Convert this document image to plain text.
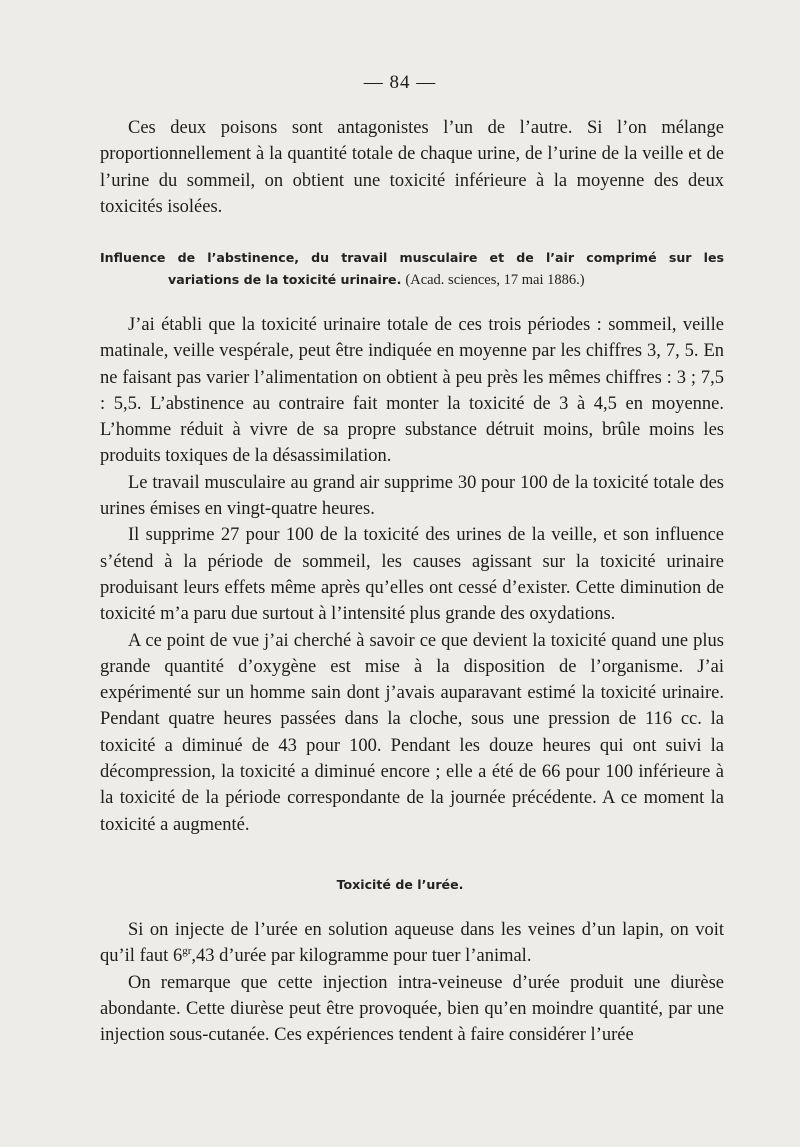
— 84 —

Ces deux poisons sont antagonistes l’un de l’autre. Si l’on mélange proportionnellement à la quantité totale de chaque urine, de l’urine de la veille et de l’urine du sommeil, on obtient une toxicité inférieure à la moyenne des deux toxicités isolées.

Influence de l’abstinence, du travail musculaire et de l’air comprimé sur les
variations de la toxicité urinaire. (Acad. sciences, 17 mai 1886.)

J’ai établi que la toxicité urinaire totale de ces trois périodes : sommeil, veille matinale, veille vespérale, peut être indiquée en moyenne par les chiffres 3, 7, 5. En ne faisant pas varier l’alimentation on obtient à peu près les mêmes chiffres : 3 ; 7,5 : 5,5. L’abstinence au contraire fait monter la toxicité de 3 à 4,5 en moyenne. L’homme réduit à vivre de sa propre substance détruit moins, brûle moins les produits toxiques de la désassimilation.

Le travail musculaire au grand air supprime 30 pour 100 de la toxicité totale des urines émises en vingt-quatre heures.

Il supprime 27 pour 100 de la toxicité des urines de la veille, et son influence s’étend à la période de sommeil, les causes agissant sur la toxicité urinaire produisant leurs effets même après qu’elles ont cessé d’exister. Cette diminution de toxicité m’a paru due surtout à l’intensité plus grande des oxydations.

A ce point de vue j’ai cherché à savoir ce que devient la toxicité quand une plus grande quantité d’oxygène est mise à la disposition de l’organisme. J’ai expérimenté sur un homme sain dont j’avais auparavant estimé la toxicité urinaire. Pendant quatre heures passées dans la cloche, sous une pression de 116 cc. la toxicité a diminué de 43 pour 100. Pendant les douze heures qui ont suivi la décompression, la toxicité a diminué encore ; elle a été de 66 pour 100 inférieure à la toxicité de la période correspondante de la journée précédente. A ce moment la toxicité a augmenté.

Toxicité de l’urée.

Si on injecte de l’urée en solution aqueuse dans les veines d’un lapin, on voit qu’il faut $6^{gr},43$ d’urée par kilogramme pour tuer l’animal.

On remarque que cette injection intra-veineuse d’urée produit une diurèse abondante. Cette diurèse peut être provoquée, bien qu’en moindre quantité, par une injection sous-cutanée. Ces expériences tendent à faire considérer l’urée
